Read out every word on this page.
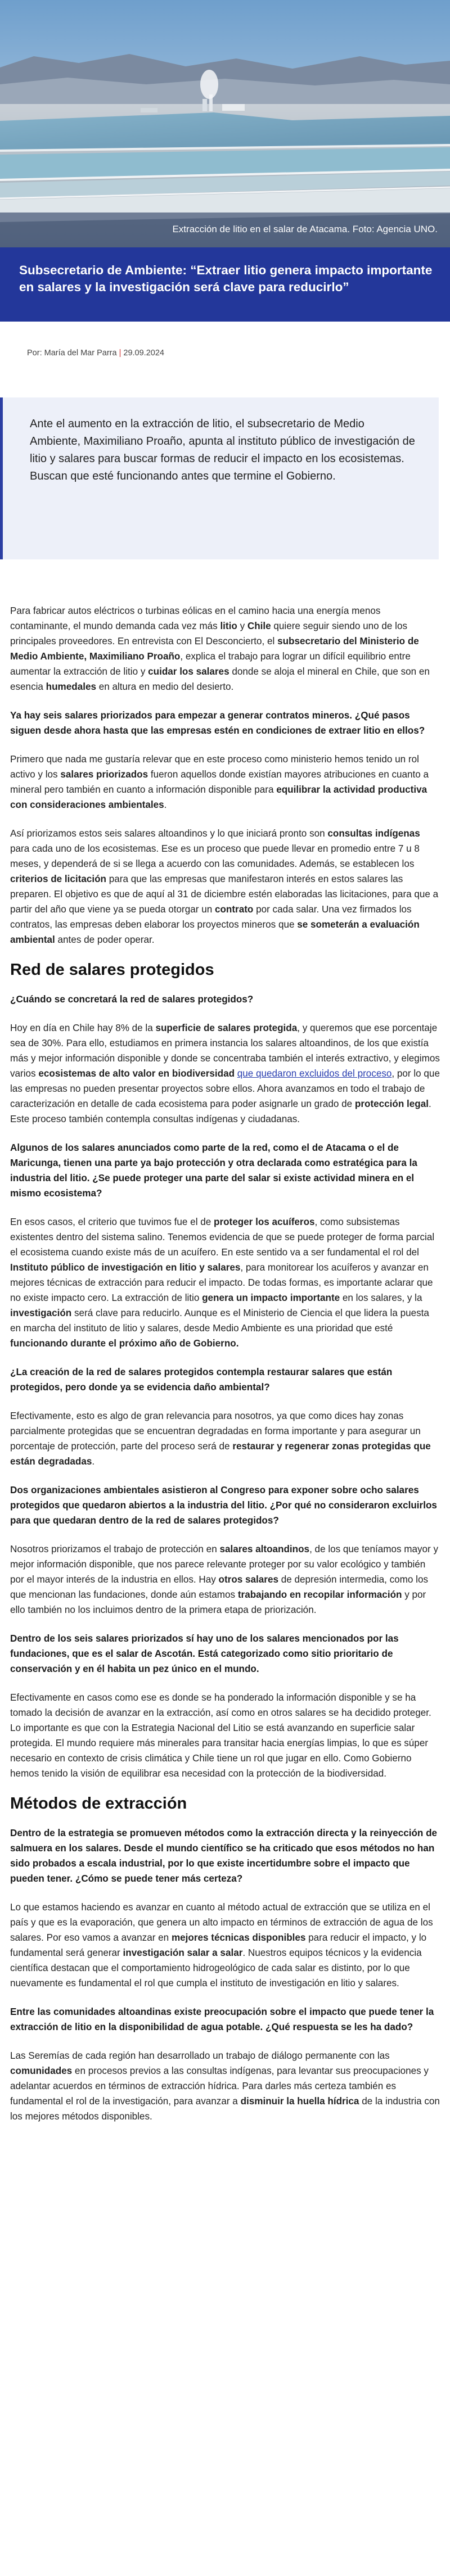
Extracción de litio en el salar de Atacama. Foto: Agencia UNO.
Subsecretario de Ambiente: “Extraer litio genera impacto importante en salares y la investigación será clave para reducirlo”
Por: María del Mar Parra | 29.09.2024

Ante el aumento en la extracción de litio, el subsecretario de Medio Ambiente, Maximiliano Proaño, apunta al instituto público de investigación de litio y salares para buscar formas de reducir el impacto en los ecosistemas. Buscan que esté funcionando antes que termine el Gobierno.

Para fabricar autos eléctricos o turbinas eólicas en el camino hacia una energía menos contaminante, el mundo demanda cada vez más litio y Chile quiere seguir siendo uno de los principales proveedores. En entrevista con El Desconcierto, el subsecretario del Ministerio de Medio Ambiente, Maximiliano Proaño, explica el trabajo para lograr un difícil equilibrio entre aumentar la extracción de litio y cuidar los salares donde se aloja el mineral en Chile, que son en esencia humedales en altura en medio del desierto.

Ya hay seis salares priorizados para empezar a generar contratos mineros. ¿Qué pasos siguen desde ahora hasta que las empresas estén en condiciones de extraer litio en ellos?

Primero que nada me gustaría relevar que en este proceso como ministerio hemos tenido un rol activo y los salares priorizados fueron aquellos donde existían mayores atribuciones en cuanto a mineral pero también en cuanto a información disponible para equilibrar la actividad productiva con consideraciones ambientales.

Así priorizamos estos seis salares altoandinos y lo que iniciará pronto son consultas indígenas para cada uno de los ecosistemas. Ese es un proceso que puede llevar en promedio entre 7 u 8 meses, y dependerá de si se llega a acuerdo con las comunidades. Además, se establecen los criterios de licitación para que las empresas que manifestaron interés en estos salares las preparen. El objetivo es que de aquí al 31 de diciembre estén elaboradas las licitaciones, para que a partir del año que viene ya se pueda otorgar un contrato por cada salar. Una vez firmados los contratos, las empresas deben elaborar los proyectos mineros que se someterán a evaluación ambiental antes de poder operar.

Red de salares protegidos

¿Cuándo se concretará la red de salares protegidos?

Hoy en día en Chile hay 8% de la superficie de salares protegida, y queremos que ese porcentaje sea de 30%. Para ello, estudiamos en primera instancia los salares altoandinos, de los que existía más y mejor información disponible y donde se concentraba también el interés extractivo, y elegimos varios ecosistemas de alto valor en biodiversidad que quedaron excluidos del proceso, por lo que las empresas no pueden presentar proyectos sobre ellos. Ahora avanzamos en todo el trabajo de caracterización en detalle de cada ecosistema para poder asignarle un grado de protección legal. Este proceso también contempla consultas indígenas y ciudadanas.

Algunos de los salares anunciados como parte de la red, como el de Atacama o el de Maricunga, tienen una parte ya bajo protección y otra declarada como estratégica para la industria del litio. ¿Se puede proteger una parte del salar si existe actividad minera en el mismo ecosistema?

En esos casos, el criterio que tuvimos fue el de proteger los acuíferos, como subsistemas existentes dentro del sistema salino. Tenemos evidencia de que se puede proteger de forma parcial el ecosistema cuando existe más de un acuífero. En este sentido va a ser fundamental el rol del Instituto público de investigación en litio y salares, para monitorear los acuíferos y avanzar en mejores técnicas de extracción para reducir el impacto. De todas formas, es importante aclarar que no existe impacto cero. La extracción de litio genera un impacto importante en los salares, y la investigación será clave para reducirlo. Aunque es el Ministerio de Ciencia el que lidera la puesta en marcha del instituto de litio y salares, desde Medio Ambiente es una prioridad que esté funcionando durante el próximo año de Gobierno.

¿La creación de la red de salares protegidos contempla restaurar salares que están protegidos, pero donde ya se evidencia daño ambiental?

Efectivamente, esto es algo de gran relevancia para nosotros, ya que como dices hay zonas parcialmente protegidas que se encuentran degradadas en forma importante y para asegurar un porcentaje de protección, parte del proceso será de restaurar y regenerar zonas protegidas que están degradadas.

Dos organizaciones ambientales asistieron al Congreso para exponer sobre ocho salares protegidos que quedaron abiertos a la industria del litio. ¿Por qué no consideraron excluirlos para que quedaran dentro de la red de salares protegidos?

Nosotros priorizamos el trabajo de protección en salares altoandinos, de los que teníamos mayor y mejor información disponible, que nos parece relevante proteger por su valor ecológico y también por el mayor interés de la industria en ellos. Hay otros salares de depresión intermedia, como los que mencionan las fundaciones, donde aún estamos trabajando en recopilar información y por ello también no los incluimos dentro de la primera etapa de priorización.

Dentro de los seis salares priorizados sí hay uno de los salares mencionados por las fundaciones, que es el salar de Ascotán. Está categorizado como sitio prioritario de conservación y en él habita un pez único en el mundo.

Efectivamente en casos como ese es donde se ha ponderado la información disponible y se ha tomado la decisión de avanzar en la extracción, así como en otros salares se ha decidido proteger. Lo importante es que con la Estrategia Nacional del Litio se está avanzando en superficie salar protegida. El mundo requiere más minerales para transitar hacia energías limpias, lo que es súper necesario en contexto de crisis climática y Chile tiene un rol que jugar en ello. Como Gobierno hemos tenido la visión de equilibrar esa necesidad con la protección de la biodiversidad.

Métodos de extracción

Dentro de la estrategia se promueven métodos como la extracción directa y la reinyección de salmuera en los salares. Desde el mundo científico se ha criticado que esos métodos no han sido probados a escala industrial, por lo que existe incertidumbre sobre el impacto que pueden tener. ¿Cómo se puede tener más certeza?

Lo que estamos haciendo es avanzar en cuanto al método actual de extracción que se utiliza en el país y que es la evaporación, que genera un alto impacto en términos de extracción de agua de los salares. Por eso vamos a avanzar en mejores técnicas disponibles para reducir el impacto, y lo fundamental será generar investigación salar a salar. Nuestros equipos técnicos y la evidencia científica destacan que el comportamiento hidrogeológico de cada salar es distinto, por lo que nuevamente es fundamental el rol que cumpla el instituto de investigación en litio y salares.

Entre las comunidades altoandinas existe preocupación sobre el impacto que puede tener la extracción de litio en la disponibilidad de agua potable. ¿Qué respuesta se les ha dado?

Las Seremías de cada región han desarrollado un trabajo de diálogo permanente con las comunidades en procesos previos a las consultas indígenas, para levantar sus preocupaciones y adelantar acuerdos en términos de extracción hídrica. Para darles más certeza también es fundamental el rol de la investigación, para avanzar a disminuir la huella hídrica de la industria con los mejores métodos disponibles.
